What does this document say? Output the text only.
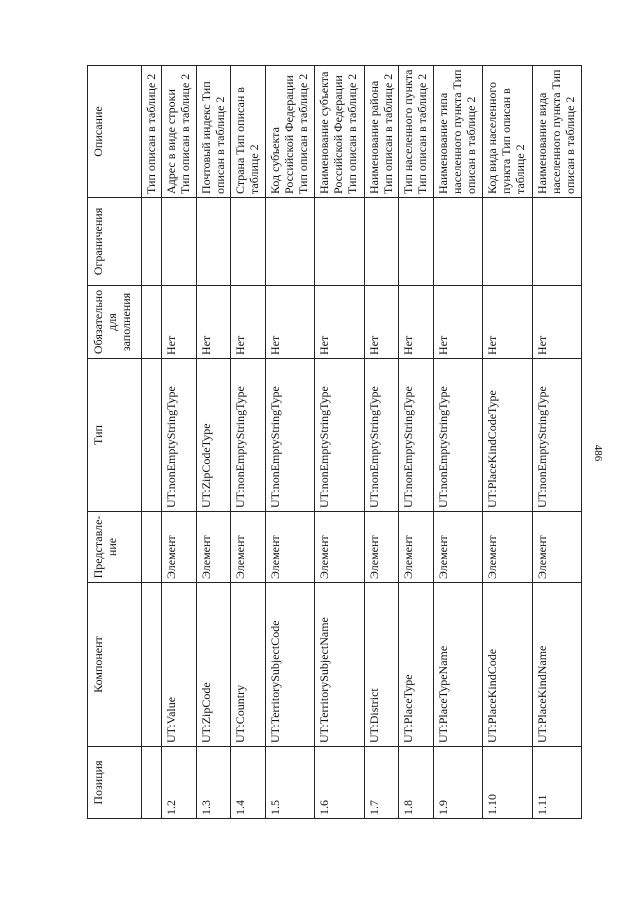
486
Позиция	Компонент	Представле-ние	Тип	Обязательно для заполнения	Ограничения	Описание
						Тип описан в таблице 2
1.2	UT:Value	Элемент	UT:nonEmptyStringType	Нет		Адрес в виде строки Тип описан в таблице 2
1.3	UT:ZipCode	Элемент	UT:ZipCodeType	Нет		Почтовый индекс Тип описан в таблице 2
1.4	UT:Country	Элемент	UT:nonEmptyStringType	Нет		Страна Тип описан в таблице 2
1.5	UT:TerritorySubjectCode	Элемент	UT:nonEmptyStringType	Нет		Код субъекта Российской Федерации Тип описан в таблице 2
1.6	UT:TerritorySubjectName	Элемент	UT:nonEmptyStringType	Нет		Наименование субъекта Российской Федерации Тип описан в таблице 2
1.7	UT:District	Элемент	UT:nonEmptyStringType	Нет		Наименование района Тип описан в таблице 2
1.8	UT:PlaceType	Элемент	UT:nonEmptyStringType	Нет		Тип населенного пункта Тип описан в таблице 2
1.9	UT:PlaceTypeName	Элемент	UT:nonEmptyStringType	Нет		Наименование типа населенного пункта Тип описан в таблице 2
1.10	UT:PlaceKindCode	Элемент	UT:PlaceKindCodeType	Нет		Код вида населенного пункта Тип описан в таблице 2
1.11	UT:PlaceKindName	Элемент	UT:nonEmptyStringType	Нет		Наименование вида населенного пункта Тип описан в таблице 2
